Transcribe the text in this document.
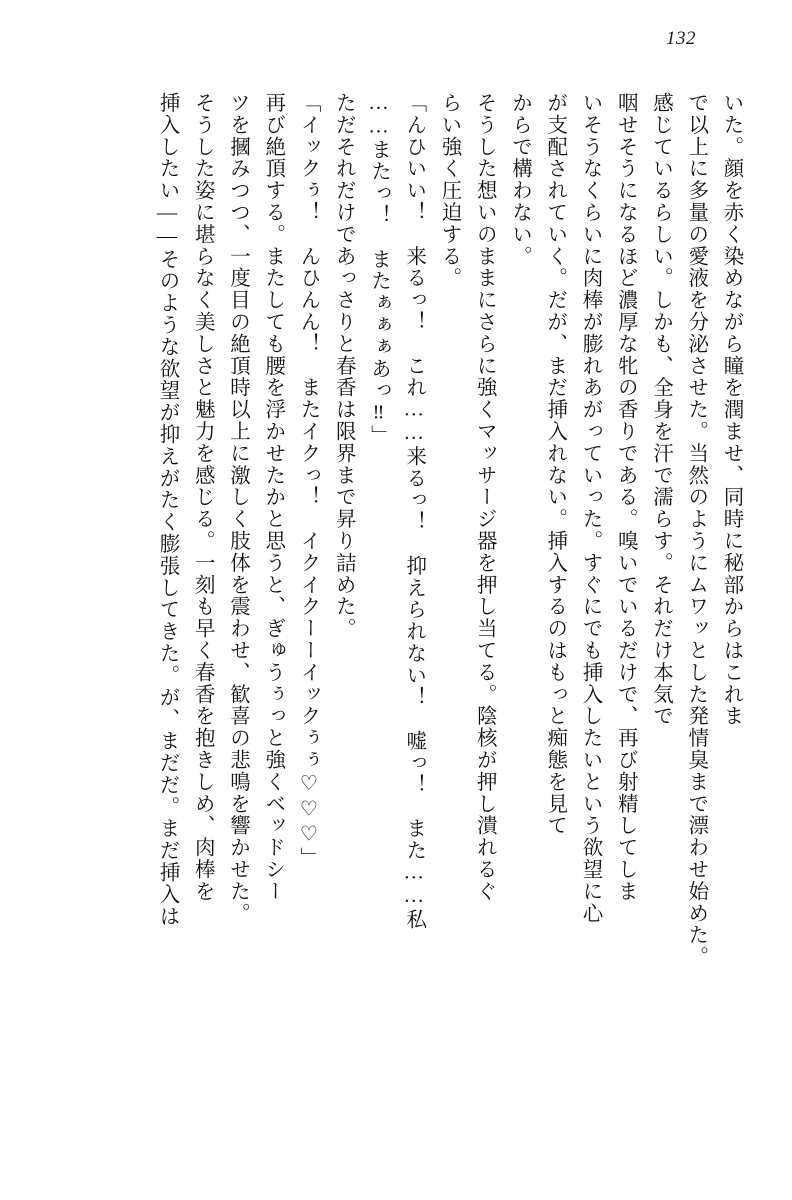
132
いた。顔を赤く染めながら瞳を潤ませ、同時に秘部からはこれま
で以上に多量の愛液を分泌させた。当然のようにムワッとした発情臭まで漂わせ始めた。
感じているらしい。しかも、全身を汗で濡らす。それだけ本気で
咽せそうになるほど濃厚な牝の香りである。嗅いでいるだけで、再び射精してしま
いそうなくらいに肉棒が膨れあがっていった。すぐにでも挿入したいという欲望に心
が支配されていく。だが、まだ挿入れない。挿入するのはもっと痴態を見て
からで構わない。
そうした想いのままにさらに強くマッサージ器を押し当てる。陰核が押し潰れるぐ
らい強く圧迫する。
「んひいい！　来るっ！　これ……来るっ！　抑えられない！　嘘っ！　また……私
……またっ！　またぁぁぁあっ‼」
ただそれだけであっさりと春香は限界まで昇り詰めた。
「イックぅ！　んひんん！　またイクっ！　イクイクーーイックぅぅ♡♡♡」
再び絶頂する。またしても腰を浮かせたかと思うと、ぎゅうぅっと強くベッドシー
ツを摑みつつ、一度目の絶頂時以上に激しく肢体を震わせ、歓喜の悲鳴を響かせた。
そうした姿に堪らなく美しさと魅力を感じる。一刻も早く春香を抱きしめ、肉棒を
挿入したい――そのような欲望が抑えがたく膨張してきた。が、まだだ。まだ挿入は
